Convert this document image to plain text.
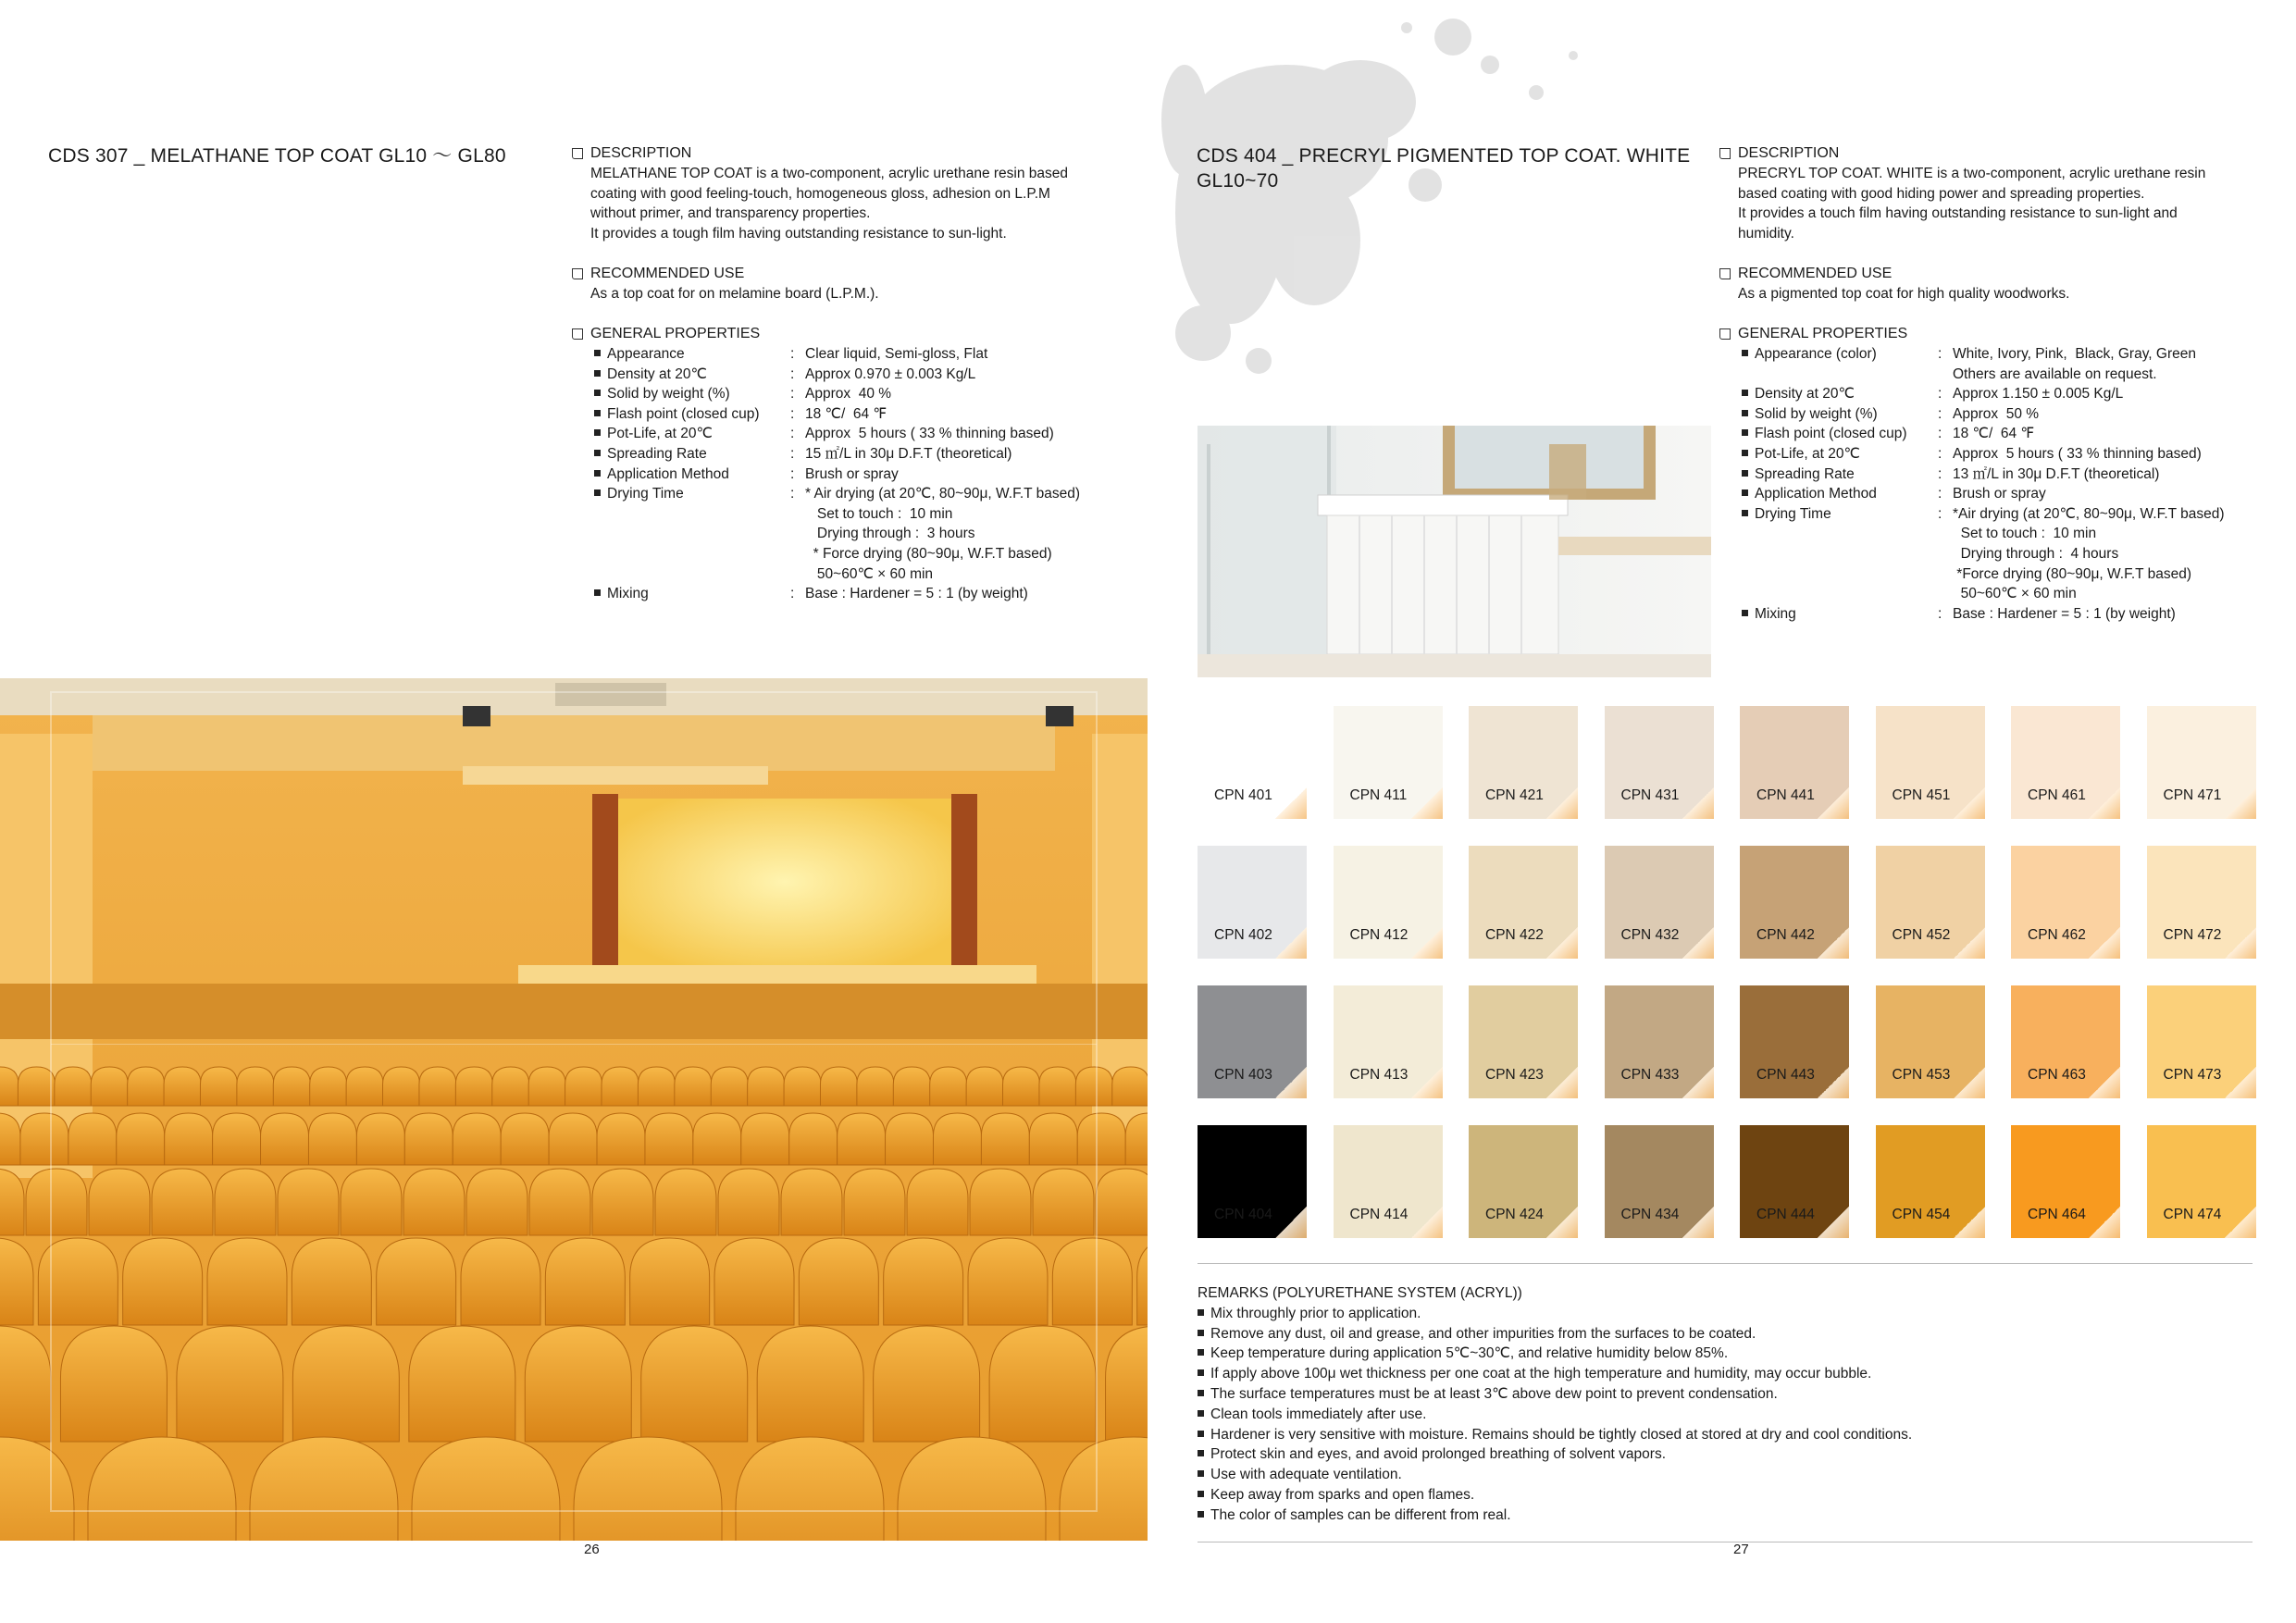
CDS 307 _ MELATHANE TOP COAT GL10 ～ GL80	DESCRIPTION
MELATHANE TOP COAT is a two-component, acrylic urethane resin based
coating with good feeling-touch, homogeneous gloss, adhesion on L.P.M
without primer, and transparency properties.
It provides a tough film having outstanding resistance to sun-light.
RECOMMENDED USE
As a top coat for on melamine board (L.P.M.).
GENERAL PROPERTIES
Appearance	: Clear liquid, Semi-gloss, Flat
Density at 20℃	: Approx 0.970 ± 0.003 Kg/L
Solid by weight (%)	: Approx  40 %
Flash point (closed cup)	: 18 ℃/  64 ℉
Pot-Life, at 20℃	: Approx  5 hours ( 33 % thinning based)
Spreading Rate	: 15 ㎡/L in 30μ D.F.T (theoretical)
Application Method	: Brush or spray
Drying Time	: * Air drying (at 20℃, 80~90μ, W.F.T based)
Set to touch :  10 min
Drying through :  3 hours
* Force drying (80~90μ, W.F.T based)
50~60℃ × 60 min
Mixing	: Base : Hardener = 5 : 1 (by weight)
26
CDS 404 _ PRECRYL PIGMENTED TOP COAT. WHITE
GL10~70
DESCRIPTION
PRECRYL TOP COAT. WHITE is a two-component, acrylic urethane resin
based coating with good hiding power and spreading properties.
It provides a touch film having outstanding resistance to sun-light and
humidity.
RECOMMENDED USE
As a pigmented top coat for high quality woodworks.
GENERAL PROPERTIES
Appearance (color)	: White, Ivory, Pink,  Black, Gray, Green
Others are available on request.
Density at 20℃	: Approx 1.150 ± 0.005 Kg/L
Solid by weight (%)	: Approx  50 %
Flash point (closed cup)	: 18 ℃/  64 ℉
Pot-Life, at 20℃	: Approx  5 hours ( 33 % thinning based)
Spreading Rate	: 13 ㎡/L in 30μ D.F.T (theoretical)
Application Method	: Brush or spray
Drying Time	: *Air drying (at 20℃, 80~90μ, W.F.T based)
Set to touch :  10 min
Drying through :  4 hours
*Force drying (80~90μ, W.F.T based)
50~60℃ × 60 min
Mixing	: Base : Hardener = 5 : 1 (by weight)
CPN 401	CPN 411	CPN 421	CPN 431	CPN 441	CPN 451	CPN 461	CPN 471
CPN 402	CPN 412	CPN 422	CPN 432	CPN 442	CPN 452	CPN 462	CPN 472
CPN 403	CPN 413	CPN 423	CPN 433	CPN 443	CPN 453	CPN 463	CPN 473
CPN 404	CPN 414	CPN 424	CPN 434	CPN 444	CPN 454	CPN 464	CPN 474
REMARKS (POLYURETHANE SYSTEM (ACRYL))
Mix throughly prior to application.
Remove any dust, oil and grease, and other impurities from the surfaces to be coated.
Keep temperature during application 5℃~30℃, and relative humidity below 85%.
If apply above 100μ wet thickness per one coat at the high temperature and humidity, may occur bubble.
The surface temperatures must be at least 3℃ above dew point to prevent condensation.
Clean tools immediately after use.
Hardener is very sensitive with moisture. Remains should be tightly closed at stored at dry and cool conditions.
Protect skin and eyes, and avoid prolonged breathing of solvent vapors.
Use with adequate ventilation.
Keep away from sparks and open flames.
The color of samples can be different from real.
27
